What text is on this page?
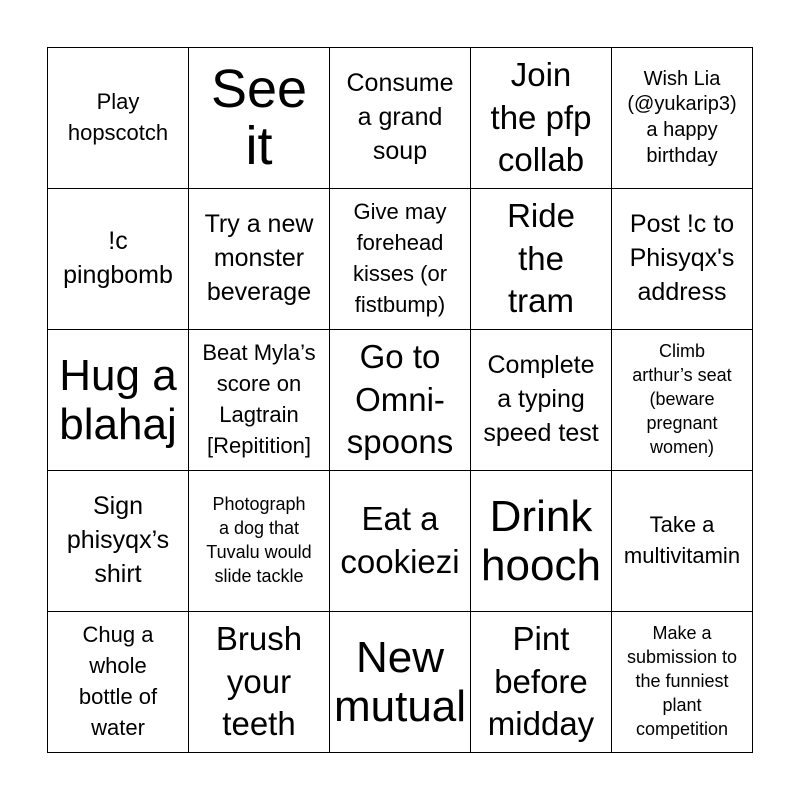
Play
hopscotch
See
it
Consume
a grand
soup
Join
the pfp
collab
Wish Lia
(@yukarip3)
a happy
birthday
!c
pingbomb
Try a new
monster
beverage
Give may
forehead
kisses (or
fistbump)
Ride
the
tram
Post !c to
Phisyqx's
address
Hug a
blahaj
Beat Myla’s
score on
Lagtrain
[Repitition]
Go to
Omni-
spoons
Complete
a typing
speed test
Climb
arthur’s seat
(beware
pregnant
women)
Sign
phisyqx’s
shirt
Photograph
a dog that
Tuvalu would
slide tackle
Eat a
cookiezi
Drink
hooch
Take a
multivitamin
Chug a
whole
bottle of
water
Brush
your
teeth
New
mutual
Pint
before
midday
Make a
submission to
the funniest
plant
competition
